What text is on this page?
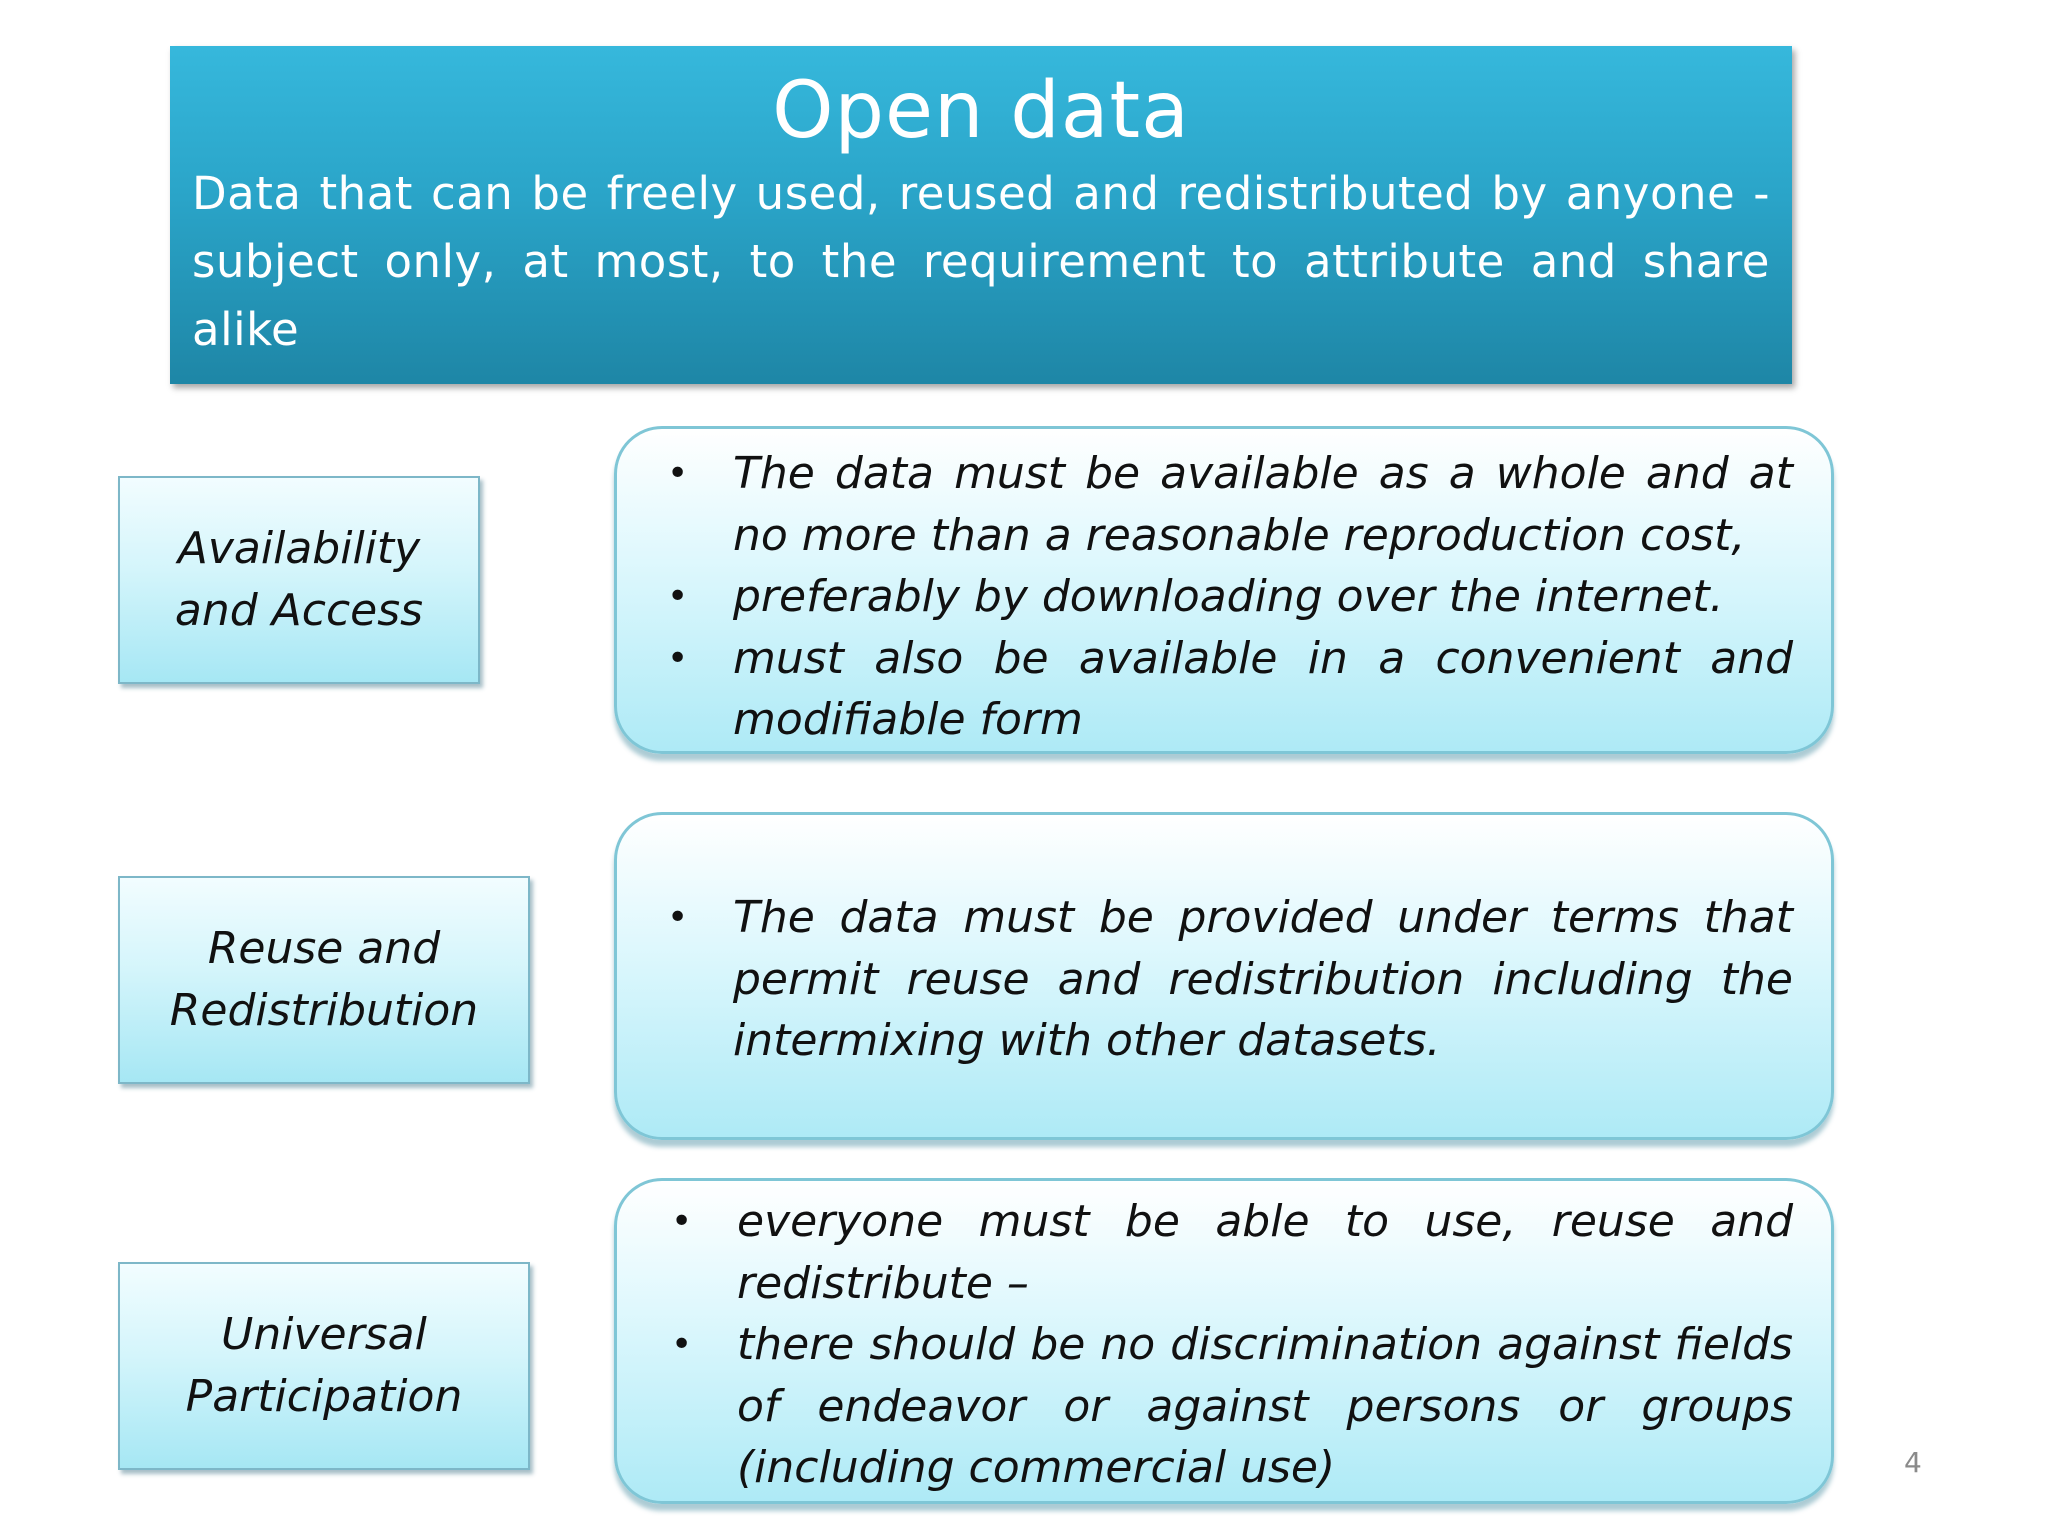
Open data
Data that can be freely used, reused and redistributed by anyone - subject only, at most, to the requirement to attribute and share alike
Availability and Access
• The data must be available as a whole and at no more than a reasonable reproduction cost,
• preferably by downloading over the internet.
• must also be available in a convenient and modifiable form
Reuse and Redistribution
• The data must be provided under terms that permit reuse and redistribution including the intermixing with other datasets.
Universal Participation
• everyone must be able to use, reuse and redistribute –
• there should be no discrimination against fields of endeavor or against persons or groups (including commercial use)	4
